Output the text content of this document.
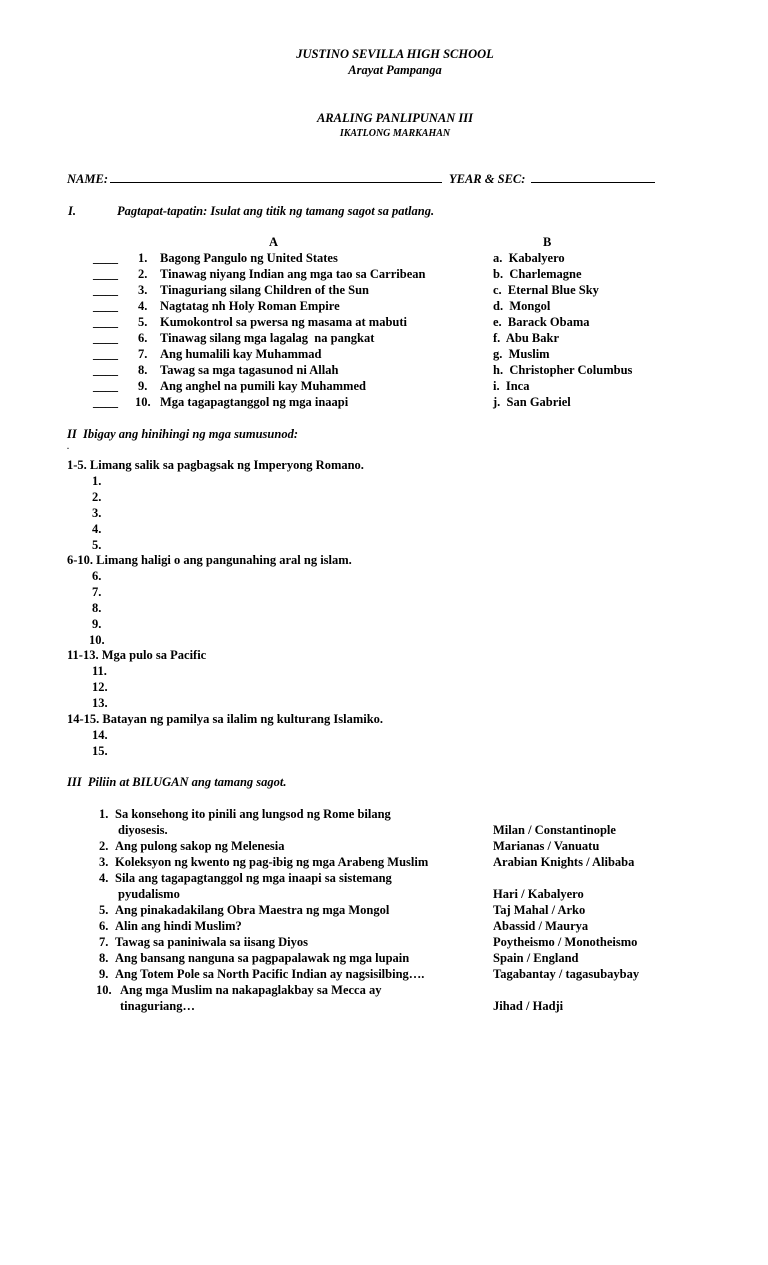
JUSTINO SEVILLA HIGH SCHOOL
Arayat Pampanga
ARALING PANLIPUNAN III
IKATLONG MARKAHAN
NAME:	YEAR & SEC:
I.	Pagtapat-tapatin: Isulat ang titik ng tamang sagot sa patlang.
A	B
____ 1. Bagong Pangulo ng United States	a.  Kabalyero
____ 2. Tinawag niyang Indian ang mga tao sa Carribean	b.  Charlemagne
____ 3. Tinaguriang silang Children of the Sun	c.  Eternal Blue Sky
____ 4. Nagtatag nh Holy Roman Empire	d.  Mongol
____ 5. Kumokontrol sa pwersa ng masama at mabuti	e.  Barack Obama
____ 6. Tinawag silang mga lagalag  na pangkat	f.  Abu Bakr
____ 7. Ang humalili kay Muhammad	g.  Muslim
____ 8. Tawag sa mga tagasunod ni Allah	h.  Christopher Columbus
____ 9. Ang anghel na pumili kay Muhammed	i.  Inca
____ 10. Mga tagapagtanggol ng mga inaapi	j.  San Gabriel
II  Ibigay ang hinihingi ng mga sumusunod:
.
1-5. Limang salik sa pagbagsak ng Imperyong Romano.
1.
2.
3.
4.
5.
6-10. Limang haligi o ang pangunahing aral ng islam.
6.
7.
8.
9.
10.
11-13. Mga pulo sa Pacific
11.
12.
13.
14-15. Batayan ng pamilya sa ilalim ng kulturang Islamiko.
14.
15.
III  Piliin at BILUGAN ang tamang sagot.
1. Sa konsehong ito pinili ang lungsod ng Rome bilang
diyosesis.	Milan / Constantinople
2. Ang pulong sakop ng Melenesia	Marianas / Vanuatu
3. Koleksyon ng kwento ng pag-ibig ng mga Arabeng Muslim	Arabian Knights / Alibaba
4. Sila ang tagapagtanggol ng mga inaapi sa sistemang
pyudalismo	Hari / Kabalyero
5. Ang pinakadakilang Obra Maestra ng mga Mongol	Taj Mahal / Arko
6. Alin ang hindi Muslim?	Abassid / Maurya
7. Tawag sa paniniwala sa iisang Diyos	Poytheismo / Monotheismo
8. Ang bansang nanguna sa pagpapalawak ng mga lupain	Spain / England
9. Ang Totem Pole sa North Pacific Indian ay nagsisilbing….	Tagabantay / tagasubaybay
10. Ang mga Muslim na nakapaglakbay sa Mecca ay
tinaguriang…	Jihad / Hadji
